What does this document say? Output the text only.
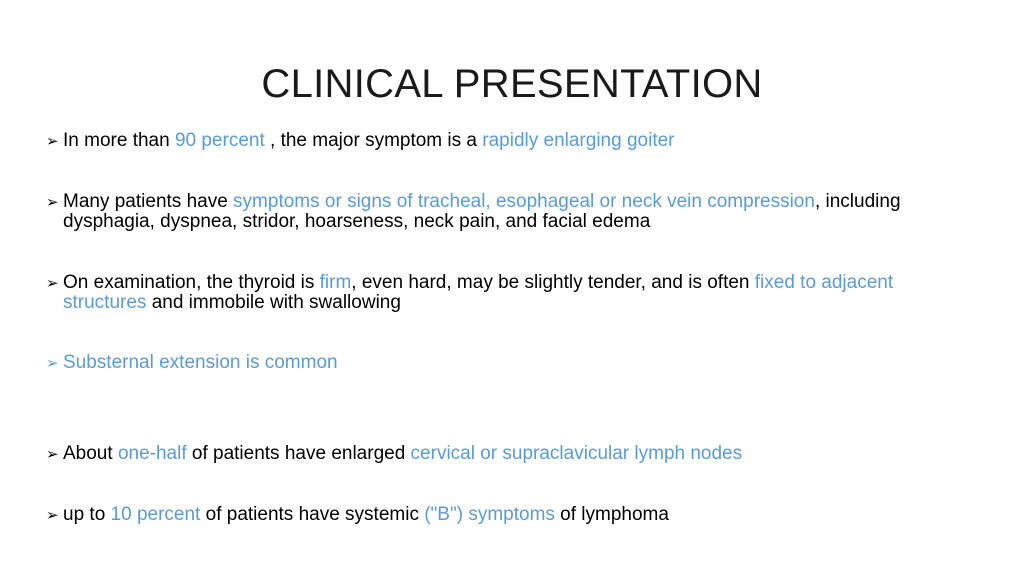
CLINICAL PRESENTATION
➢ In more than 90 percent , the major symptom is a rapidly enlarging goiter
➢ Many patients have symptoms or signs of tracheal, esophageal or neck vein compression, including dysphagia, dyspnea, stridor, hoarseness, neck pain, and facial edema
➢ On examination, the thyroid is firm, even hard, may be slightly tender, and is often fixed to adjacent structures and immobile with swallowing
➢ Substernal extension is common
➢ About one-half of patients have enlarged cervical or supraclavicular lymph nodes
➢ up to 10 percent of patients have systemic ("B") symptoms of lymphoma
